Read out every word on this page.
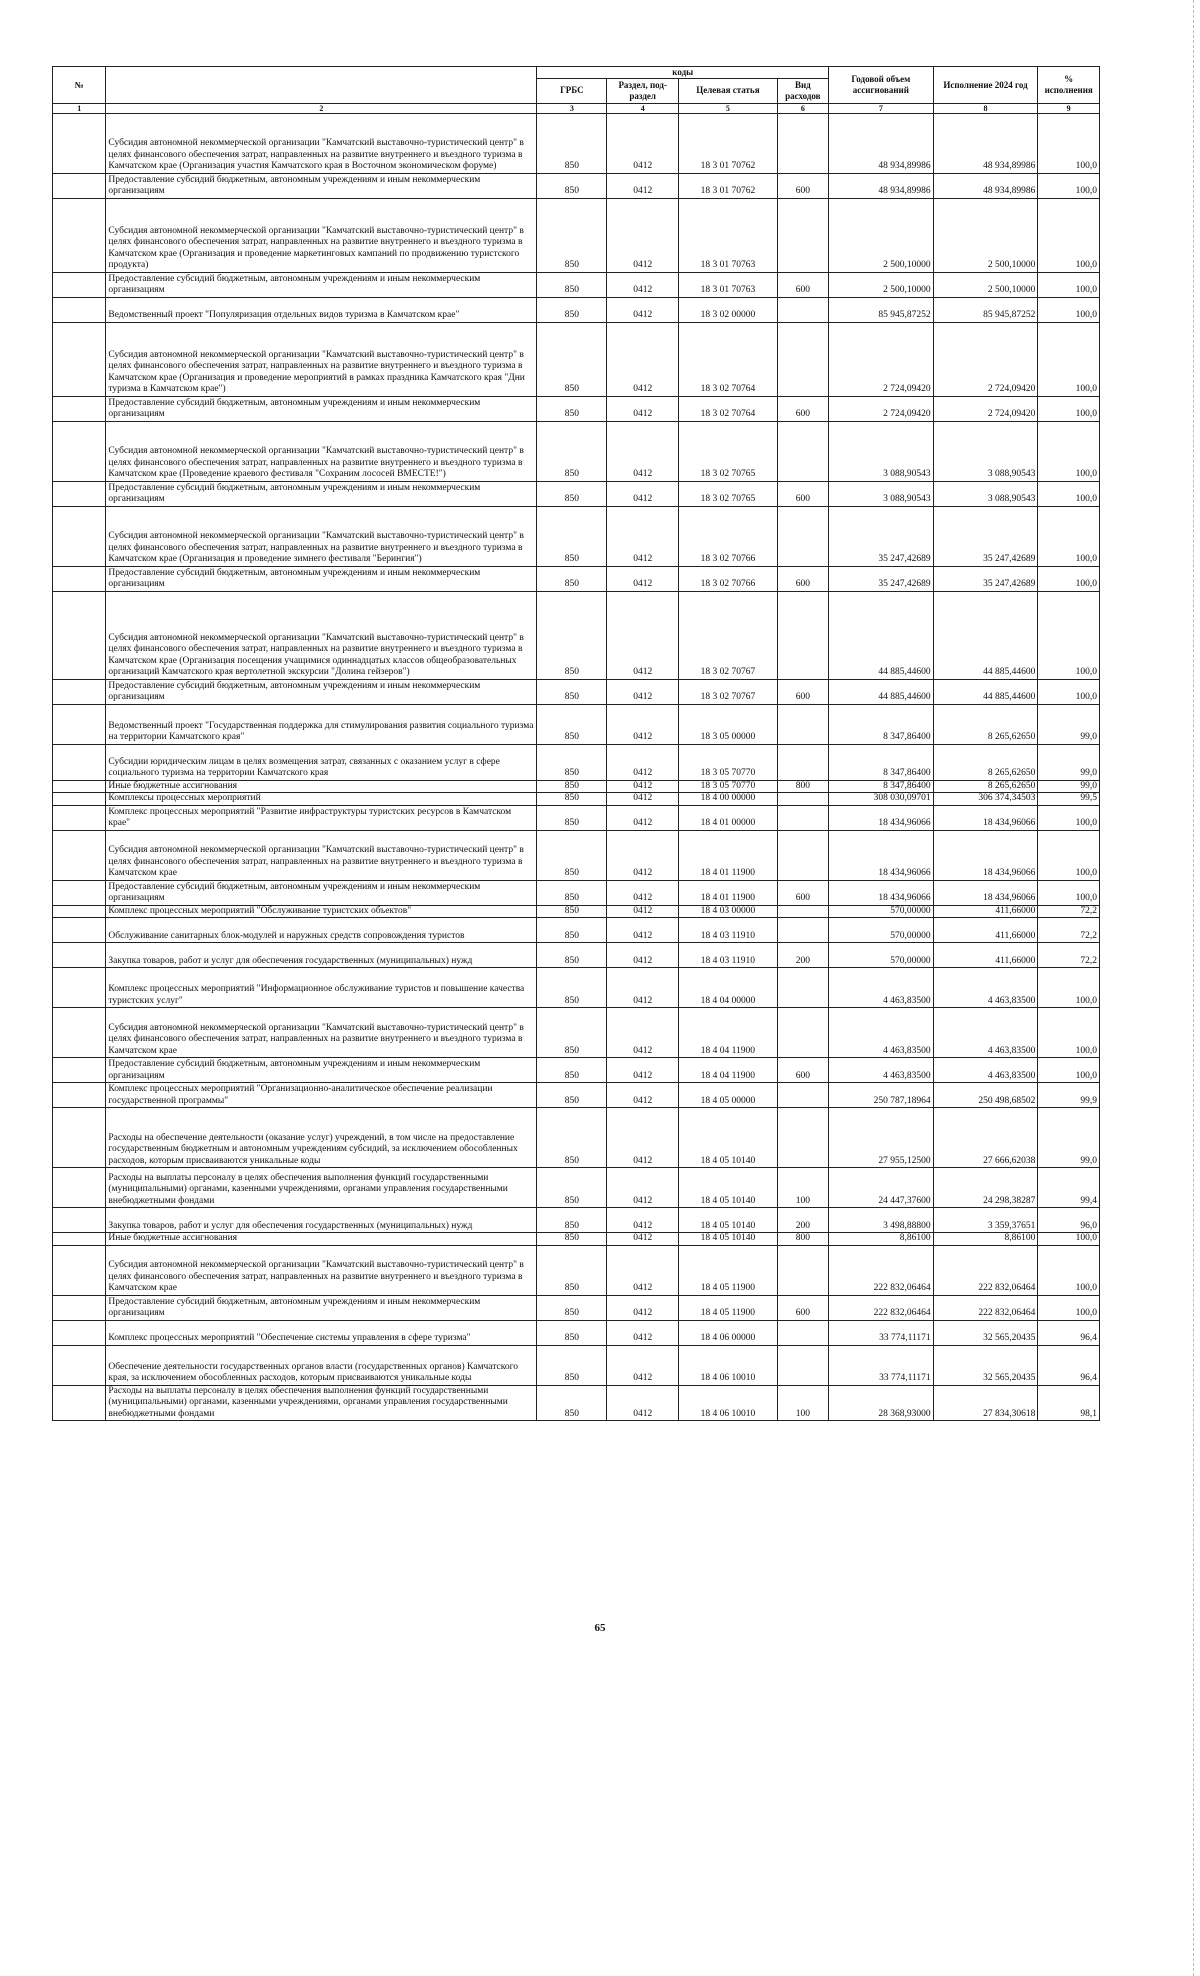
№		коды				Годовой объем ассигнований	Исполнение 2024 год	% исполнения
		ГРБС	Раздел, под-раздел	Целевая статья	Вид расходов			
1	2	3	4	5	6	7	8	9
	Субсидия автономной некоммерческой организации "Камчатский выставочно-туристический центр" в целях финансового обеспечения затрат, направленных на развитие внутреннего и въездного туризма в Камчатском крае (Организация участия Камчатского края в Восточном экономическом форуме)	850	0412	18 3 01 70762		48 934,89986	48 934,89986	100,0
	Предоставление субсидий бюджетным, автономным учреждениям и иным некоммерческим организациям	850	0412	18 3 01 70762	600	48 934,89986	48 934,89986	100,0
	Субсидия автономной некоммерческой организации "Камчатский выставочно-туристический центр" в целях финансового обеспечения затрат, направленных на развитие внутреннего и въездного туризма в Камчатском крае (Организация и проведение маркетинговых кампаний по продвижению туристского продукта)	850	0412	18 3 01 70763		2 500,10000	2 500,10000	100,0
	Предоставление субсидий бюджетным, автономным учреждениям и иным некоммерческим организациям	850	0412	18 3 01 70763	600	2 500,10000	2 500,10000	100,0
	Ведомственный проект "Популяризация отдельных видов туризма в Камчатском крае"	850	0412	18 3 02 00000		85 945,87252	85 945,87252	100,0
	Субсидия автономной некоммерческой организации "Камчатский выставочно-туристический центр" в целях финансового обеспечения затрат, направленных на развитие внутреннего и въездного туризма в Камчатском крае (Организация и проведение мероприятий в рамках праздника Камчатского края "Дни туризма в Камчатском крае")	850	0412	18 3 02 70764		2 724,09420	2 724,09420	100,0
	Предоставление субсидий бюджетным, автономным учреждениям и иным некоммерческим организациям	850	0412	18 3 02 70764	600	2 724,09420	2 724,09420	100,0
	Субсидия автономной некоммерческой организации "Камчатский выставочно-туристический центр" в целях финансового обеспечения затрат, направленных на развитие внутреннего и въездного туризма в Камчатском крае (Проведение краевого фестиваля "Сохраним лососей ВМЕСТЕ!")	850	0412	18 3 02 70765		3 088,90543	3 088,90543	100,0
	Предоставление субсидий бюджетным, автономным учреждениям и иным некоммерческим организациям	850	0412	18 3 02 70765	600	3 088,90543	3 088,90543	100,0
	Субсидия автономной некоммерческой организации "Камчатский выставочно-туристический центр" в целях финансового обеспечения затрат, направленных на развитие внутреннего и въездного туризма в Камчатском крае (Организация и проведение зимнего фестиваля "Берингия")	850	0412	18 3 02 70766		35 247,42689	35 247,42689	100,0
	Предоставление субсидий бюджетным, автономным учреждениям и иным некоммерческим организациям	850	0412	18 3 02 70766	600	35 247,42689	35 247,42689	100,0
	Субсидия автономной некоммерческой организации "Камчатский выставочно-туристический центр" в целях финансового обеспечения затрат, направленных на развитие внутреннего и въездного туризма в Камчатском крае (Организация посещения учащимися одиннадцатых классов общеобразовательных организаций Камчатского края вертолетной экскурсии "Долина гейзеров")	850	0412	18 3 02 70767		44 885,44600	44 885,44600	100,0
	Предоставление субсидий бюджетным, автономным учреждениям и иным некоммерческим организациям	850	0412	18 3 02 70767	600	44 885,44600	44 885,44600	100,0
	Ведомственный проект "Государственная поддержка для стимулирования развития социального туризма на территории Камчатского края"	850	0412	18 3 05 00000		8 347,86400	8 265,62650	99,0
	Субсидии юридическим лицам в целях возмещения затрат, связанных с оказанием услуг в сфере социального туризма на территории Камчатского края	850	0412	18 3 05 70770		8 347,86400	8 265,62650	99,0
	Иные бюджетные ассигнования	850	0412	18 3 05 70770	800	8 347,86400	8 265,62650	99,0
	Комплексы процессных мероприятий	850	0412	18 4 00 00000		308 030,09701	306 374,34503	99,5
	Комплекс процессных мероприятий "Развитие инфраструктуры туристских ресурсов в Камчатском крае"	850	0412	18 4 01 00000		18 434,96066	18 434,96066	100,0
	Субсидия автономной некоммерческой организации "Камчатский выставочно-туристический центр" в целях финансового обеспечения затрат, направленных на развитие внутреннего и въездного туризма в Камчатском крае	850	0412	18 4 01 11900		18 434,96066	18 434,96066	100,0
	Предоставление субсидий бюджетным, автономным учреждениям и иным некоммерческим организациям	850	0412	18 4 01 11900	600	18 434,96066	18 434,96066	100,0
	Комплекс процессных мероприятий "Обслуживание туристских объектов"	850	0412	18 4 03 00000		570,00000	411,66000	72,2
	Обслуживание санитарных блок-модулей и наружных средств сопровождения туристов	850	0412	18 4 03 11910		570,00000	411,66000	72,2
	Закупка товаров, работ и услуг для обеспечения государственных (муниципальных) нужд	850	0412	18 4 03 11910	200	570,00000	411,66000	72,2
	Комплекс процессных мероприятий "Информационное обслуживание туристов и повышение качества туристских услуг"	850	0412	18 4 04 00000		4 463,83500	4 463,83500	100,0
	Субсидия автономной некоммерческой организации "Камчатский выставочно-туристический центр" в целях финансового обеспечения затрат, направленных на развитие внутреннего и въездного туризма в Камчатском крае	850	0412	18 4 04 11900		4 463,83500	4 463,83500	100,0
	Предоставление субсидий бюджетным, автономным учреждениям и иным некоммерческим организациям	850	0412	18 4 04 11900	600	4 463,83500	4 463,83500	100,0
	Комплекс процессных мероприятий "Организационно-аналитическое обеспечение реализации государственной программы"	850	0412	18 4 05 00000		250 787,18964	250 498,68502	99,9
	Расходы на обеспечение деятельности (оказание услуг) учреждений, в том числе на предоставление государственным бюджетным и автономным учреждениям субсидий, за исключением обособленных расходов, которым присваиваются уникальные коды	850	0412	18 4 05 10140		27 955,12500	27 666,62038	99,0
	Расходы на выплаты персоналу в целях обеспечения выполнения функций государственными (муниципальными) органами, казенными учреждениями, органами управления государственными внебюджетными фондами	850	0412	18 4 05 10140	100	24 447,37600	24 298,38287	99,4
	Закупка товаров, работ и услуг для обеспечения государственных (муниципальных) нужд	850	0412	18 4 05 10140	200	3 498,88800	3 359,37651	96,0
	Иные бюджетные ассигнования	850	0412	18 4 05 10140	800	8,86100	8,86100	100,0
	Субсидия автономной некоммерческой организации "Камчатский выставочно-туристический центр" в целях финансового обеспечения затрат, направленных на развитие внутреннего и въездного туризма в Камчатском крае	850	0412	18 4 05 11900		222 832,06464	222 832,06464	100,0
	Предоставление субсидий бюджетным, автономным учреждениям и иным некоммерческим организациям	850	0412	18 4 05 11900	600	222 832,06464	222 832,06464	100,0
	Комплекс процессных мероприятий "Обеспечение системы управления в сфере туризма"	850	0412	18 4 06 00000		33 774,11171	32 565,20435	96,4
	Обеспечение деятельности государственных органов власти (государственных органов) Камчатского края, за исключением обособленных расходов, которым присваиваются уникальные коды	850	0412	18 4 06 10010		33 774,11171	32 565,20435	96,4
	Расходы на выплаты персоналу в целях обеспечения выполнения функций государственными (муниципальными) органами, казенными учреждениями, органами управления государственными внебюджетными фондами	850	0412	18 4 06 10010	100	28 368,93000	27 834,30618	98,1
65
